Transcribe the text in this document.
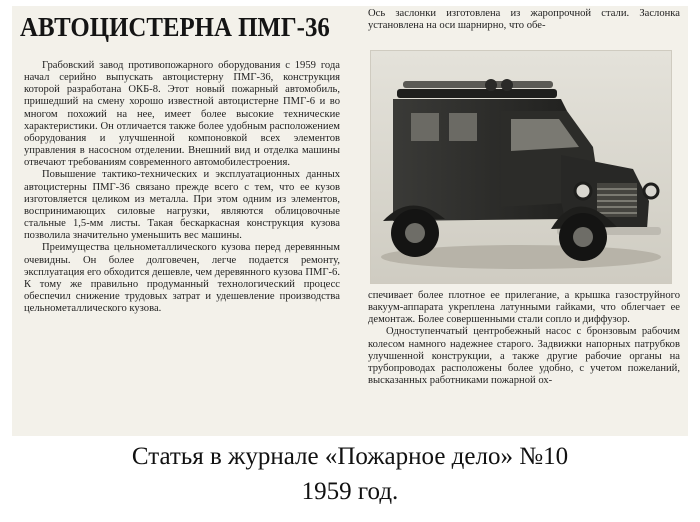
АВТОЦИСТЕРНА ПМГ-36

Грабовский завод противопожарного оборудования с 1959 года начал серийно выпускать автоцистерну ПМГ-36, конструкция которой разработана ОКБ-8. Этот новый пожарный автомобиль, пришедший на смену хорошо известной автоцистерне ПМГ-6 и во многом похожий на нее, имеет более высокие технические характеристики. Он отличается также более удобным расположением оборудования и улучшенной компоновкой всех элементов управления в насосном отделении. Внешний вид и отделка машины отвечают требованиям современного автомобилестроения.

Повышение тактико-технических и эксплуатационных данных автоцистерны ПМГ-36 связано прежде всего с тем, что ее кузов изготовляется целиком из металла. При этом одним из элементов, воспринимающих силовые нагрузки, являются облицовочные стальные 1,5-мм листы. Такая бескаркасная конструкция кузова позволила значительно уменьшить вес машины.

Преимущества цельнометаллического кузова перед деревянным очевидны. Он более долговечен, легче подается ремонту, эксплуатация его обходится дешевле, чем деревянного кузова ПМГ-6. К тому же правильно продуманный технологический процесс обеспечил снижение трудовых затрат и удешевление производства цельнометаллического кузова.

Ось заслонки изготовлена из жаропрочной стали. Заслонка установлена на оси шарнирно, что обе-

спечивает более плотное ее прилегание, а крышка газоструйного вакуум-аппарата укреплена латунными гайками, что облегчает ее демонтаж. Более совершенными стали сопло и диффузор.

Одноступенчатый центробежный насос с бронзовым рабочим колесом намного надежнее старого. Задвижки напорных патрубков улучшенной конструкции, а также другие рабочие органы на трубопроводах расположены более удобно, с учетом пожеланий, высказанных работниками пожарной ох-

Статья в журнале «Пожарное дело» №10
1959 год.
